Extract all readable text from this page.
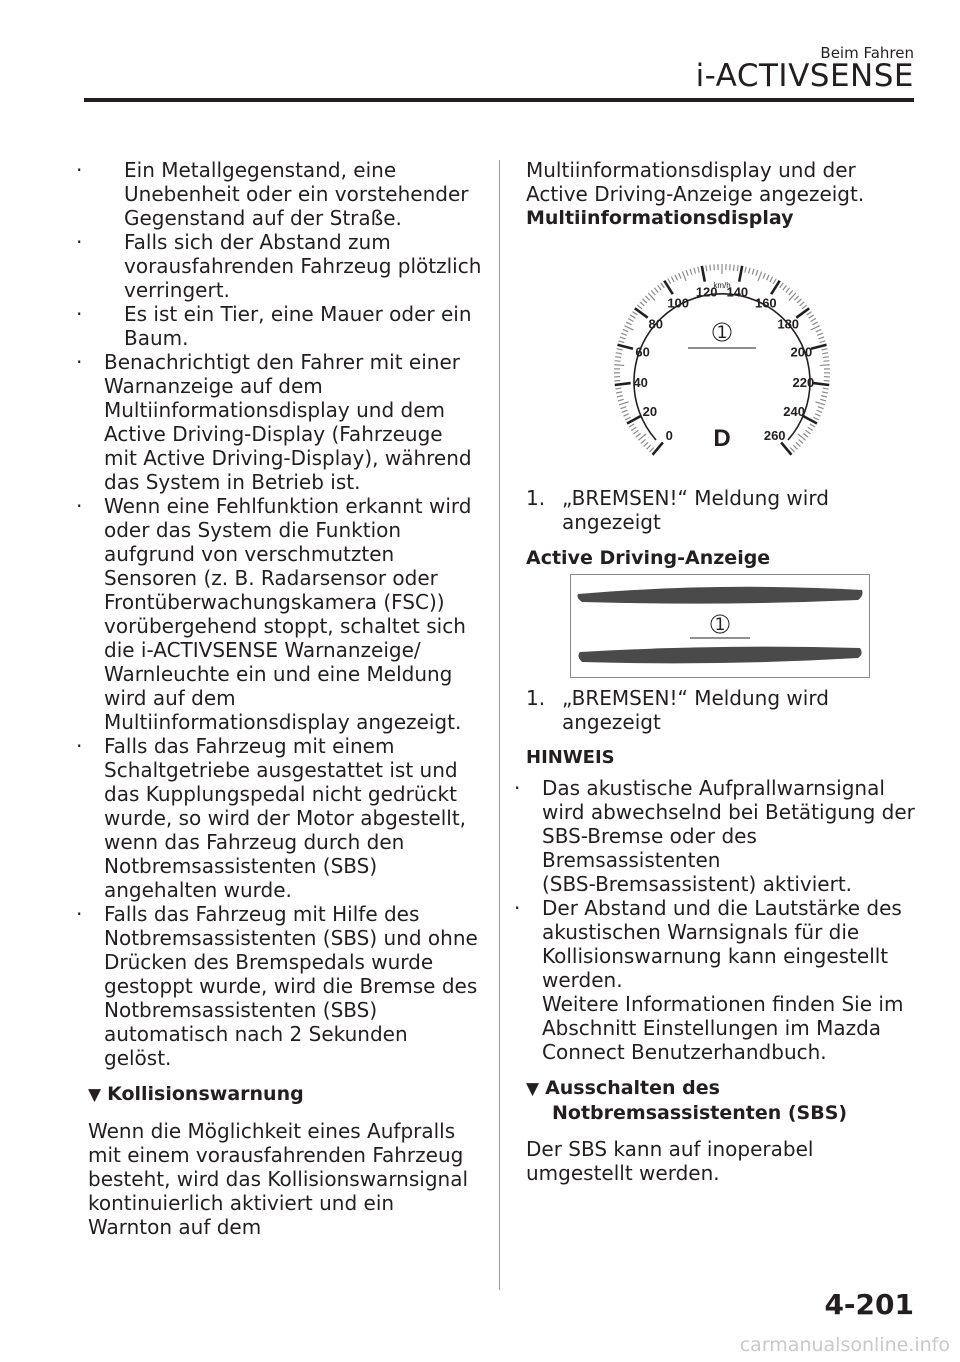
Beim Fahren
i-ACTIVSENSE
· Ein Metallgegenstand, eine
Unebenheit oder ein vorstehender
Gegenstand auf der Straße.
· Falls sich der Abstand zum
vorausfahrenden Fahrzeug plötzlich
verringert.
· Es ist ein Tier, eine Mauer oder ein
Baum.
· Benachrichtigt den Fahrer mit einer
Warnanzeige auf dem
Multiinformationsdisplay und dem
Active Driving-Display (Fahrzeuge
mit Active Driving-Display), während
das System in Betrieb ist.
· Wenn eine Fehlfunktion erkannt wird
oder das System die Funktion
aufgrund von verschmutzten
Sensoren (z. B. Radarsensor oder
Frontüberwachungskamera (FSC))
vorübergehend stoppt, schaltet sich
die i-ACTIVSENSE Warnanzeige/
Warnleuchte ein und eine Meldung
wird auf dem
Multiinformationsdisplay angezeigt.
· Falls das Fahrzeug mit einem
Schaltgetriebe ausgestattet ist und
das Kupplungspedal nicht gedrückt
wurde, so wird der Motor abgestellt,
wenn das Fahrzeug durch den
Notbremsassistenten (SBS)
angehalten wurde.
· Falls das Fahrzeug mit Hilfe des
Notbremsassistenten (SBS) und ohne
Drücken des Bremspedals wurde
gestoppt wurde, wird die Bremse des
Notbremsassistenten (SBS)
automatisch nach 2 Sekunden
gelöst.
▼ Kollisionswarnung
Wenn die Möglichkeit eines Aufpralls
mit einem vorausfahrenden Fahrzeug
besteht, wird das Kollisionswarnsignal
kontinuierlich aktiviert und ein
Warnton auf dem
Multiinformationsdisplay und der
Active Driving-Anzeige angezeigt.
Multiinformationsdisplay
0
20
40
60
80
100
120 140
160
180
200
220
240
260
km/h
1
D
1. „BREMSEN!“ Meldung wird
angezeigt
Active Driving-Anzeige
1
1. „BREMSEN!“ Meldung wird
angezeigt
HINWEIS
· Das akustische Aufprallwarnsignal
wird abwechselnd bei Betätigung der
SBS-Bremse oder des
Bremsassistenten
(SBS-Bremsassistent) aktiviert.
· Der Abstand und die Lautstärke des
akustischen Warnsignals für die
Kollisionswarnung kann eingestellt
werden.
Weitere Informationen finden Sie im
Abschnitt Einstellungen im Mazda
Connect Benutzerhandbuch.
▼ Ausschalten des
Notbremsassistenten (SBS)
Der SBS kann auf inoperabel
umgestellt werden.
4-201
carmanualsonline.info
